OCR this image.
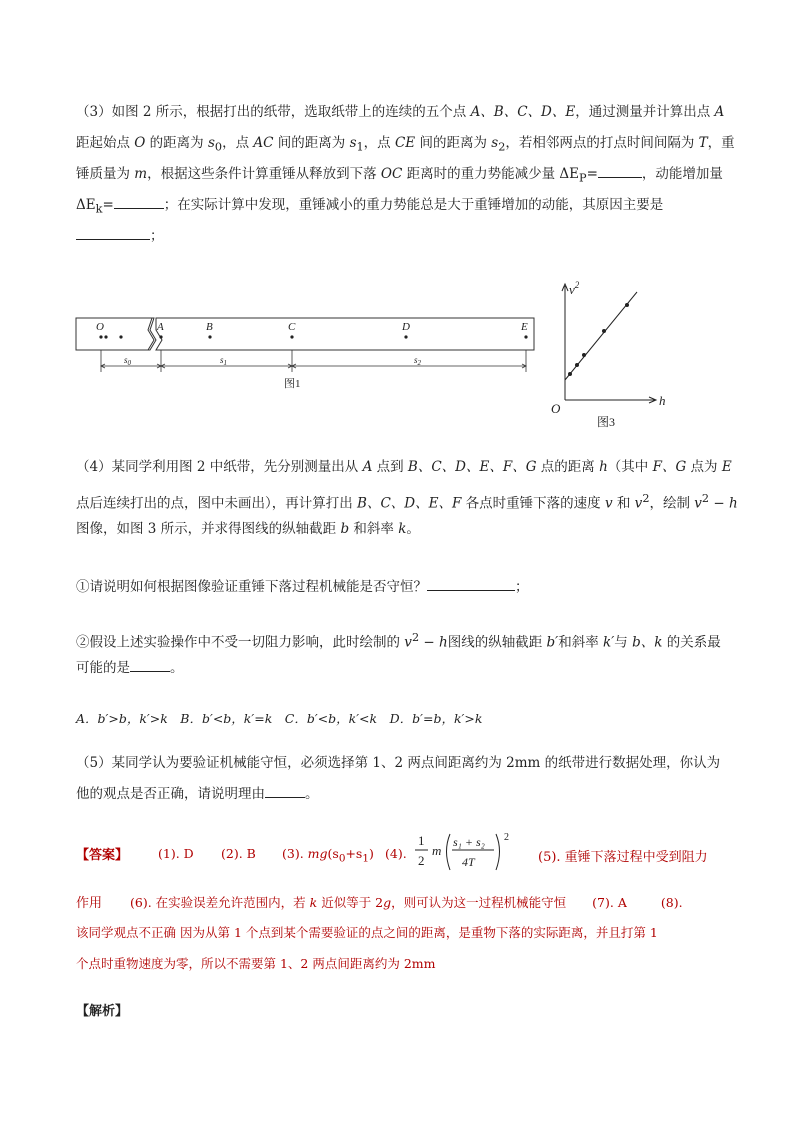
（3）如图 2 所示，根据打出的纸带，选取纸带上的连续的五个点 A、B、C、D、E，通过测量并计算出点 A
距起始点 O 的距离为 $s_0$，点 AC 间的距离为 $s_1$，点 CE 间的距离为 $s_2$，若相邻两点的打点时间间隔为 T，重
锤质量为 m，根据这些条件计算重锤从释放到下落 OC 距离时的重力势能减少量 $\Delta E_P=$	，动能增加量
$\Delta E_k=$	；在实际计算中发现，重锤减小的重力势能总是大于重锤增加的动能，其原因主要是
；
O	A	B	C	D	E
$s_0$	$s_1$	$s_2$
图1
$v^2$
h
O
图3
（4）某同学利用图 2 中纸带，先分别测量出从 A 点到 B、C、D、E、F、G 点的距离 h（其中 F、G 点为 E
点后连续打出的点，图中未画出），再计算打出 B、C、D、E、F 各点时重锤下落的速度 v 和 $v^2$，绘制 $v^2 - h$
图像，如图 3 所示，并求得图线的纵轴截距 b 和斜率 k。
①请说明如何根据图像验证重锤下落过程机械能是否守恒？	；
②假设上述实验操作中不受一切阻力影响，此时绘制的 $v^2 - h$图线的纵轴截距 b′和斜率 k′与 b、k 的关系最
可能的是	。
A．b′>b，k′>k　B．b′<b，k′=k　C．b′<b，k′<k　D．b′=b，k′>k
（5）某同学认为要验证机械能守恒，必须选择第 1、2 两点间距离约为 2mm 的纸带进行数据处理，你认为
他的观点是否正确，请说明理由	。
【答案】 (1). D (2). B (3). $mg(s_0+s_1)$ (4).
1
2
m
s₁ + s₂
4T
2
(5). 重锤下落过程中受到阻力
作用 (6). 在实验误差允许范围内，若 k 近似等于 2g，则可认为这一过程机械能守恒 (7). A	(8).
该同学观点不正确 因为从第 1 个点到某个需要验证的点之间的距离，是重物下落的实际距离，并且打第 1
个点时重物速度为零，所以不需要第 1、2 两点间距离约为 2mm
【解析】
